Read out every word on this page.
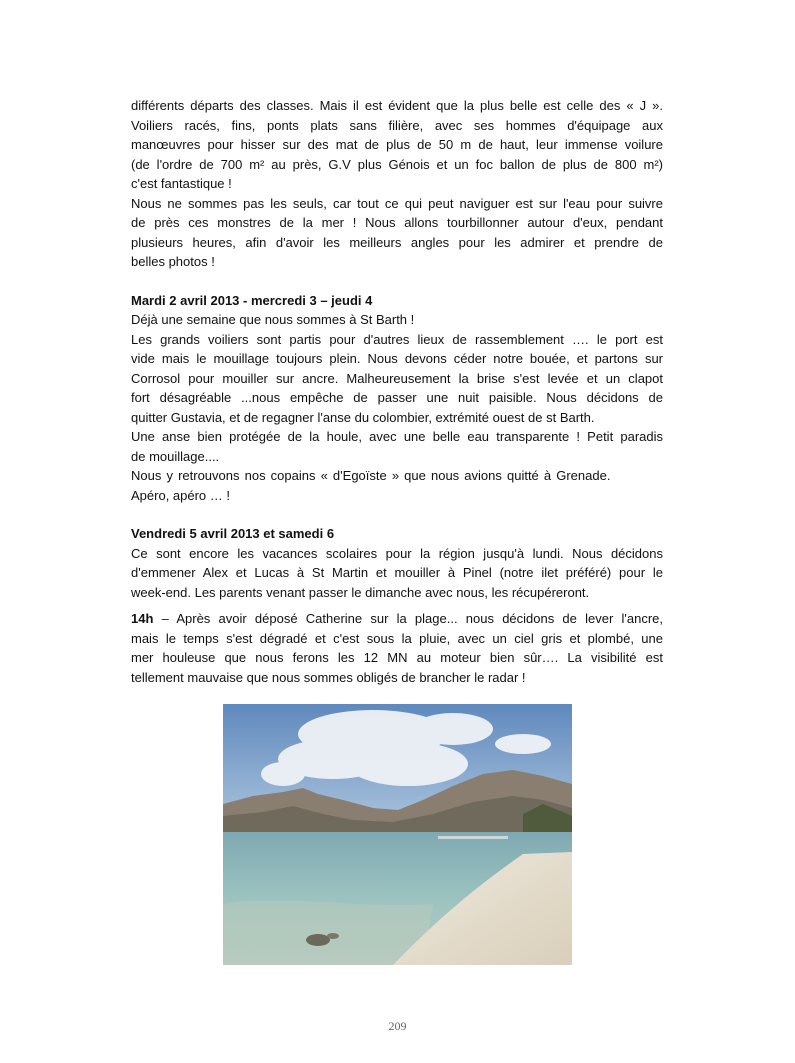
différents départs des classes. Mais il est évident que la plus belle est celle des « J ».
Voiliers racés, fins, ponts plats sans filière, avec ses hommes d'équipage aux
manœuvres pour hisser sur des mat de plus de 50 m de haut, leur immense voilure
(de l'ordre de 700 m² au près, G.V plus Génois et un foc ballon de plus de 800 m²)
c'est fantastique !
Nous ne sommes pas les seuls, car tout ce qui peut naviguer est sur l'eau pour suivre
de près ces monstres de la mer ! Nous allons tourbillonner autour d'eux, pendant
plusieurs heures, afin d'avoir les meilleurs angles pour les admirer et prendre de
belles photos !
Mardi 2 avril 2013 - mercredi 3 – jeudi 4
Déjà une semaine que nous sommes à St Barth !
Les grands voiliers sont partis pour d'autres lieux de rassemblement …. le port est
vide mais le mouillage toujours plein. Nous devons céder notre bouée, et partons sur
Corrosol pour mouiller sur ancre. Malheureusement la brise s'est levée et un clapot
fort désagréable ...nous empêche de passer une nuit paisible. Nous décidons de
quitter Gustavia, et de regagner l'anse du colombier, extrémité ouest de st Barth.
Une anse bien protégée de la houle, avec une belle eau transparente ! Petit paradis
de mouillage....
Nous y retrouvons nos copains « d'Egoïste » que nous avions quitté à Grenade.
Apéro, apéro … !
Vendredi 5 avril 2013 et samedi 6
Ce sont encore les vacances scolaires pour la région jusqu'à lundi. Nous décidons
d'emmener Alex et Lucas à St Martin et mouiller à Pinel (notre ilet préféré) pour le
week-end. Les parents venant passer le dimanche avec nous, les récupéreront.
14h – Après avoir déposé Catherine sur la plage... nous décidons de lever l'ancre,
mais le temps s'est dégradé et c'est sous la pluie, avec un ciel gris et plombé, une
mer houleuse que nous ferons les 12 MN au moteur bien sûr…. La visibilité est
tellement mauvaise que nous sommes obligés de brancher le radar !
209
